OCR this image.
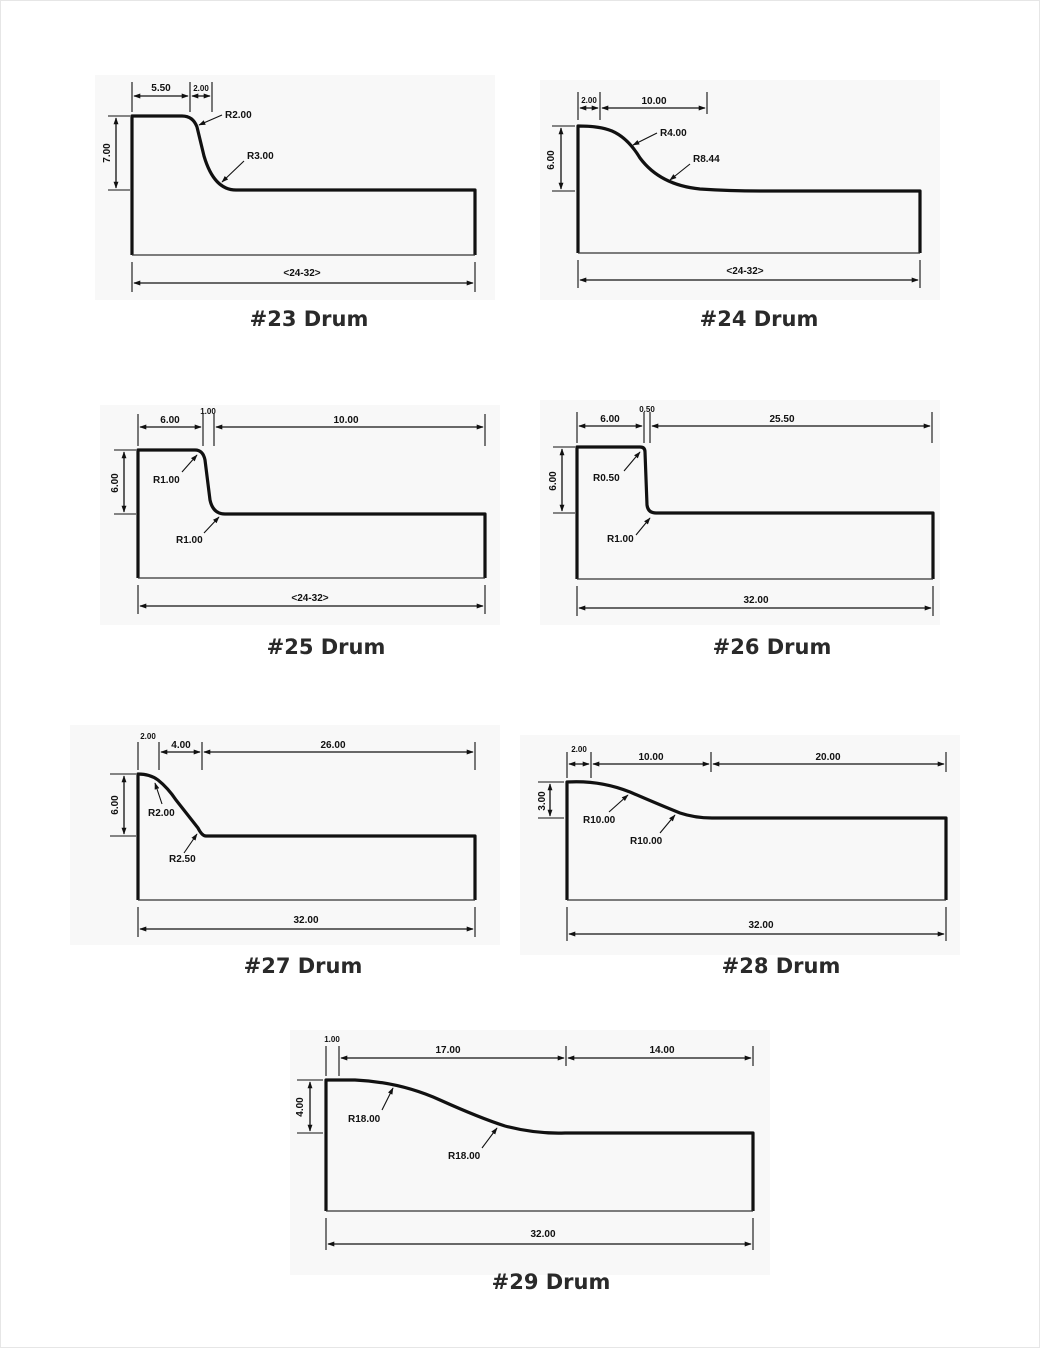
7.00
5.50	2.00
<24-32>
R2.00
R3.00
#23 Drum
6.00
2.00	10.00
<24-32>
R4.00
R8.44
#24 Drum
6.00
6.00
1.00
10.00
<24-32>
R1.00
R1.00
#25 Drum
6.00
6.00
0.50
25.50
32.00
R0.50
R1.00
#26 Drum
6.00
2.00
4.00	26.00
32.00
R2.00
R2.50
#27 Drum
3.00
2.00
10.00	20.00
32.00
R10.00
R10.00
#28 Drum
4.00
1.00
17.00	14.00
32.00
R18.00
R18.00
#29 Drum
